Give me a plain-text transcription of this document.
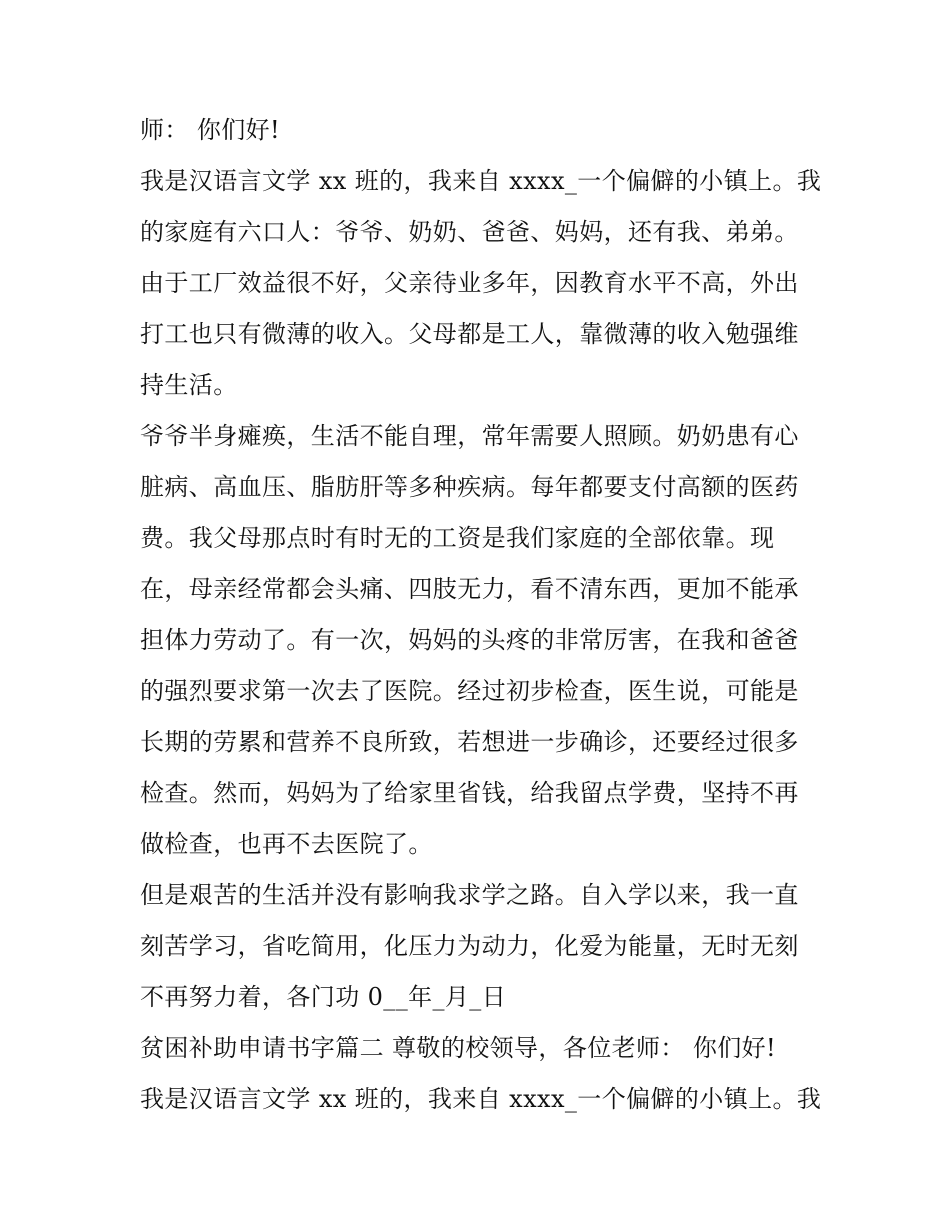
师： 你们好!
我是汉语言文学 xx 班的，我来自 xxxx_一个偏僻的小镇上。我
的家庭有六口人：爷爷、奶奶、爸爸、妈妈，还有我、弟弟。
由于工厂效益很不好，父亲待业多年，因教育水平不高，外出
打工也只有微薄的收入。父母都是工人，靠微薄的收入勉强维
持生活。
爷爷半身瘫痪，生活不能自理，常年需要人照顾。奶奶患有心
脏病、高血压、脂肪肝等多种疾病。每年都要支付高额的医药
费。我父母那点时有时无的工资是我们家庭的全部依靠。现
在，母亲经常都会头痛、四肢无力，看不清东西，更加不能承
担体力劳动了。有一次，妈妈的头疼的非常厉害，在我和爸爸
的强烈要求第一次去了医院。经过初步检查，医生说，可能是
长期的劳累和营养不良所致，若想进一步确诊，还要经过很多
检查。然而，妈妈为了给家里省钱，给我留点学费，坚持不再
做检查，也再不去医院了。
但是艰苦的生活并没有影响我求学之路。自入学以来，我一直
刻苦学习，省吃简用，化压力为动力，化爱为能量，无时无刻
不再努力着，各门功 0__年_月_日
贫困补助申请书字篇二 尊敬的校领导，各位老师： 你们好!
我是汉语言文学 xx 班的，我来自 xxxx_一个偏僻的小镇上。我
